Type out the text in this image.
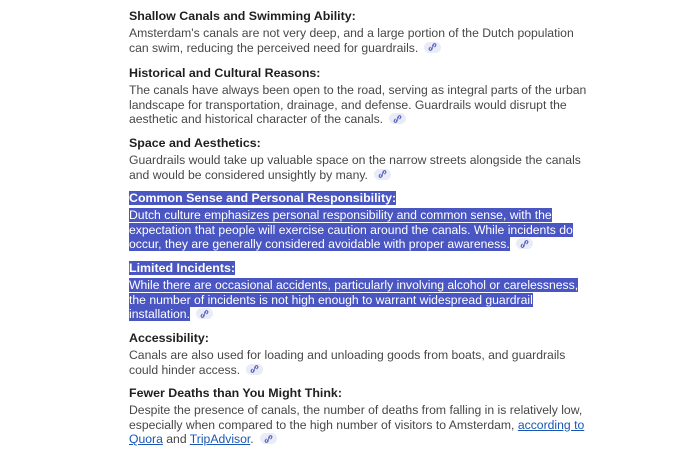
Shallow Canals and Swimming Ability:
Amsterdam's canals are not very deep, and a large portion of the Dutch population
can swim, reducing the perceived need for guardrails.
Historical and Cultural Reasons:
The canals have always been open to the road, serving as integral parts of the urban
landscape for transportation, drainage, and defense. Guardrails would disrupt the
aesthetic and historical character of the canals.
Space and Aesthetics:
Guardrails would take up valuable space on the narrow streets alongside the canals
and would be considered unsightly by many.
Common Sense and Personal Responsibility:
Dutch culture emphasizes personal responsibility and common sense, with the
expectation that people will exercise caution around the canals. While incidents do
occur, they are generally considered avoidable with proper awareness.
Limited Incidents:
While there are occasional accidents, particularly involving alcohol or carelessness,
the number of incidents is not high enough to warrant widespread guardrail
installation.
Accessibility:
Canals are also used for loading and unloading goods from boats, and guardrails
could hinder access.
Fewer Deaths than You Might Think:
Despite the presence of canals, the number of deaths from falling in is relatively low,
especially when compared to the high number of visitors to Amsterdam, according to
Quora and TripAdvisor.
